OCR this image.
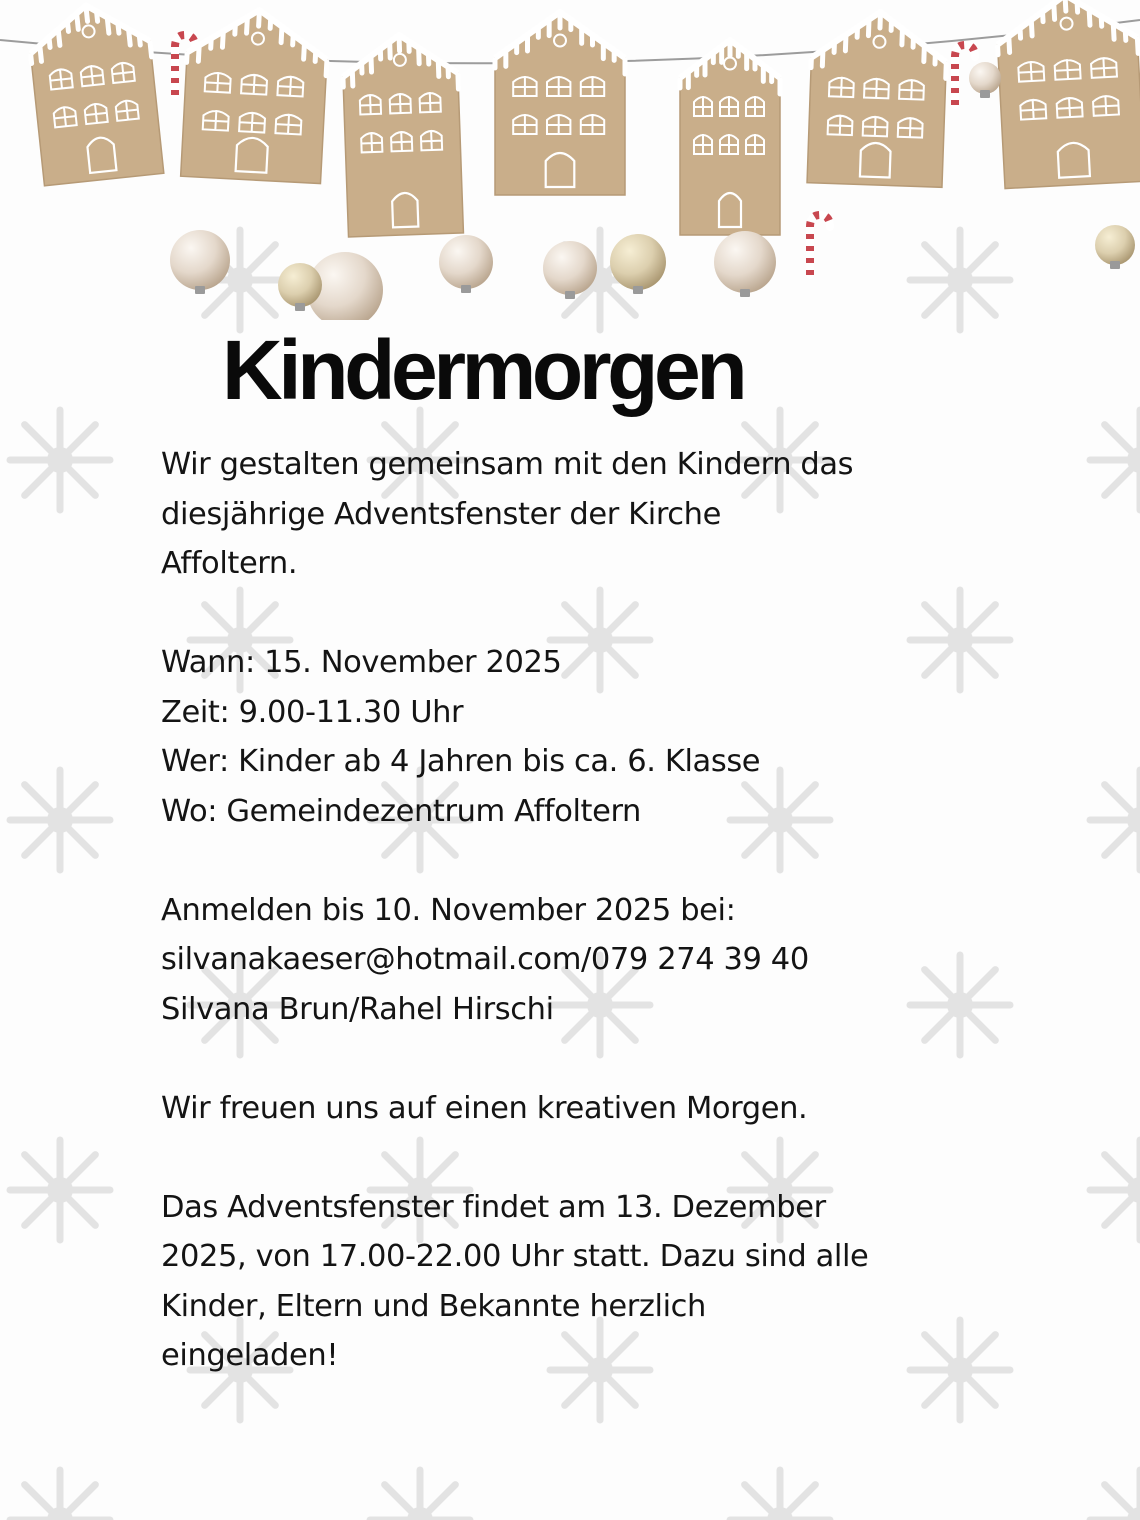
Kindermorgen

Wir gestalten gemeinsam mit den Kindern das
diesjährige Adventsfenster der Kirche
Affoltern.

Wann: 15. November 2025
Zeit: 9.00-11.30 Uhr
Wer: Kinder ab 4 Jahren bis ca. 6. Klasse
Wo: Gemeindezentrum Affoltern

Anmelden bis 10. November 2025 bei:
silvanakaeser@hotmail.com/079 274 39 40
Silvana Brun/Rahel Hirschi

Wir freuen uns auf einen kreativen Morgen.

Das Adventsfenster findet am 13. Dezember
2025, von 17.00-22.00 Uhr statt. Dazu sind alle
Kinder, Eltern und Bekannte herzlich
eingeladen!
